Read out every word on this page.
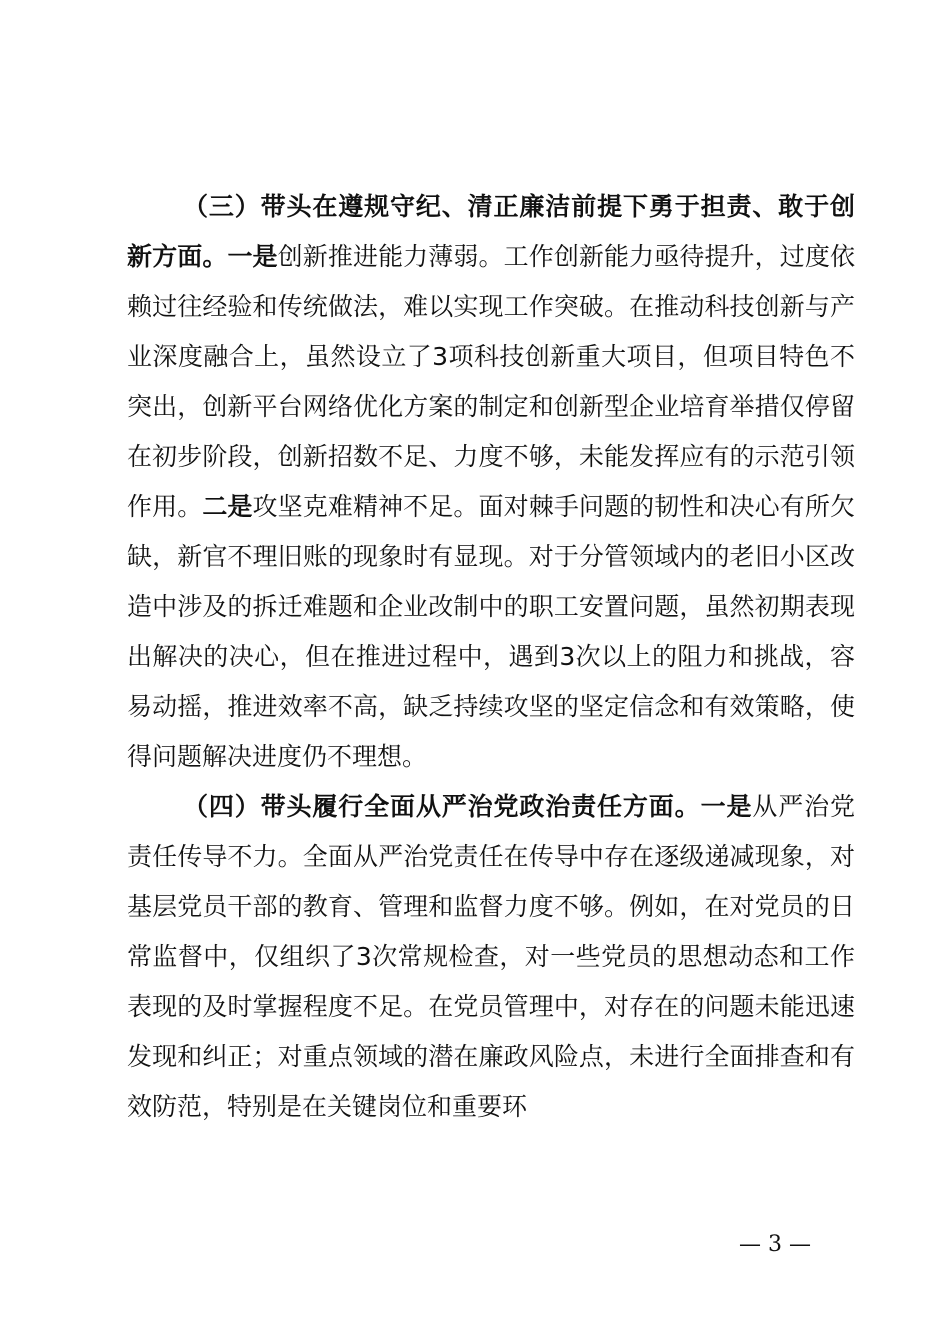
（三）带头在遵规守纪、清正廉洁前提下勇于担责、敢于创新方面。一是创新推进能力薄弱。工作创新能力亟待提升，过度依赖过往经验和传统做法，难以实现工作突破。在推动科技创新与产业深度融合上，虽然设立了3项科技创新重大项目，但项目特色不突出，创新平台网络优化方案的制定和创新型企业培育举措仅停留在初步阶段，创新招数不足、力度不够，未能发挥应有的示范引领作用。二是攻坚克难精神不足。面对棘手问题的韧性和决心有所欠缺，新官不理旧账的现象时有显现。对于分管领域内的老旧小区改造中涉及的拆迁难题和企业改制中的职工安置问题，虽然初期表现出解决的决心，但在推进过程中，遇到3次以上的阻力和挑战，容易动摇，推进效率不高，缺乏持续攻坚的坚定信念和有效策略，使得问题解决进度仍不理想。

（四）带头履行全面从严治党政治责任方面。一是从严治党责任传导不力。全面从严治党责任在传导中存在逐级递减现象，对基层党员干部的教育、管理和监督力度不够。例如，在对党员的日常监督中，仅组织了3次常规检查，对一些党员的思想动态和工作表现的及时掌握程度不足。在党员管理中，对存在的问题未能迅速发现和纠正；对重点领域的潜在廉政风险点，未进行全面排查和有效防范，特别是在关键岗位和重要环

— 3 —
